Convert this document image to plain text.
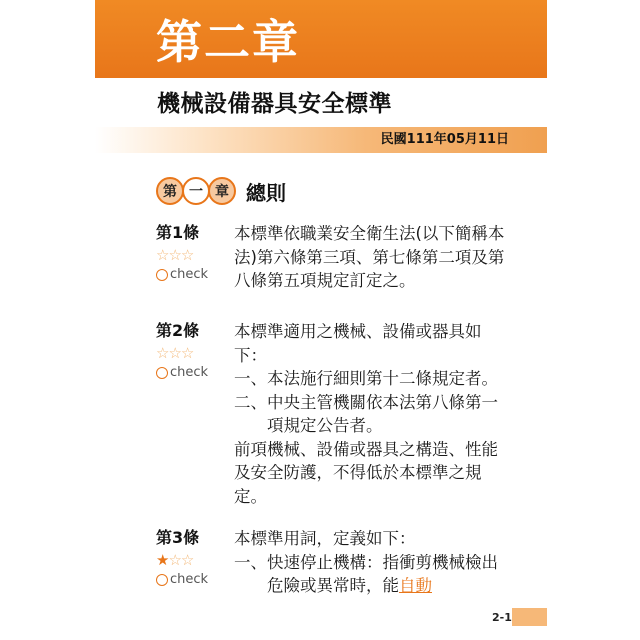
第二章
機械設備器具安全標準
民國111年05月11日
第 一 章 總則
第1條
☆☆☆
check

本標準依職業安全衛生法(以下簡稱本法)第六條第三項、第七條第二項及第八條第五項規定訂定之。

第2條
☆☆☆
check

本標準適用之機械、設備或器具如下：

一、 本法施行細則第十二條規定者。
二、 中央主管機關依本法第八條第一項規定公告者。

前項機械、設備或器具之構造、性能及安全防護，不得低於本標準之規定。

第3條
★☆☆
check

本標準用詞，定義如下：

一、 快速停止機構：指衝剪機械檢出危險或異常時，能自動
2-1
